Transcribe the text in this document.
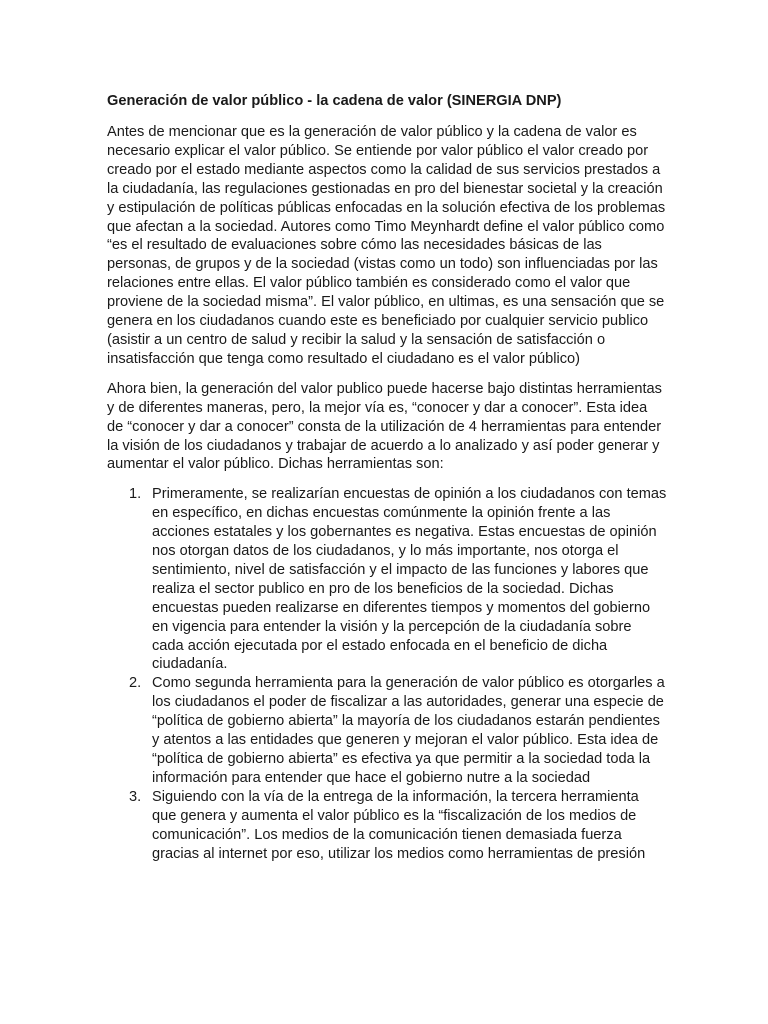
Generación de valor público - la cadena de valor (SINERGIA DNP)

Antes de mencionar que es la generación de valor público y la cadena de valor es necesario explicar el valor público. Se entiende por valor público el valor creado por creado por el estado mediante aspectos como la calidad de sus servicios prestados a la ciudadanía, las regulaciones gestionadas en pro del bienestar societal y la creación y estipulación de políticas públicas enfocadas en la solución efectiva de los problemas que afectan a la sociedad. Autores como Timo Meynhardt define el valor público como “es el resultado de evaluaciones sobre cómo las necesidades básicas de las personas, de grupos y de la sociedad (vistas como un todo) son influenciadas por las relaciones entre ellas. El valor público también es considerado como el valor que proviene de la sociedad misma”. El valor público, en ultimas, es una sensación que se genera en los ciudadanos cuando este es beneficiado por cualquier servicio publico (asistir a un centro de salud y recibir la salud y la sensación de satisfacción o insatisfacción que tenga como resultado el ciudadano es el valor público)

Ahora bien, la generación del valor publico puede hacerse bajo distintas herramientas y de diferentes maneras, pero, la mejor vía es, “conocer y dar a conocer”. Esta idea de “conocer y dar a conocer” consta de la utilización de 4 herramientas para entender la visión de los ciudadanos y trabajar de acuerdo a lo analizado y así poder generar y aumentar el valor público. Dichas herramientas son:

1. Primeramente, se realizarían encuestas de opinión a los ciudadanos con temas en específico, en dichas encuestas comúnmente la opinión frente a las acciones estatales y los gobernantes es negativa. Estas encuestas de opinión nos otorgan datos de los ciudadanos, y lo más importante, nos otorga el sentimiento, nivel de satisfacción y el impacto de las funciones y labores que realiza el sector publico en pro de los beneficios de la sociedad. Dichas encuestas pueden realizarse en diferentes tiempos y momentos del gobierno en vigencia para entender la visión y la percepción de la ciudadanía sobre cada acción ejecutada por el estado enfocada en el beneficio de dicha ciudadanía.
2. Como segunda herramienta para la generación de valor público es otorgarles a los ciudadanos el poder de fiscalizar a las autoridades, generar una especie de “política de gobierno abierta” la mayoría de los ciudadanos estarán pendientes y atentos a las entidades que generen y mejoran el valor público. Esta idea de “política de gobierno abierta” es efectiva ya que permitir a la sociedad toda la información para entender que hace el gobierno nutre a la sociedad
3. Siguiendo con la vía de la entrega de la información, la tercera herramienta que genera y aumenta el valor público es la “fiscalización de los medios de comunicación”. Los medios de la comunicación tienen demasiada fuerza gracias al internet por eso, utilizar los medios como herramientas de presión
